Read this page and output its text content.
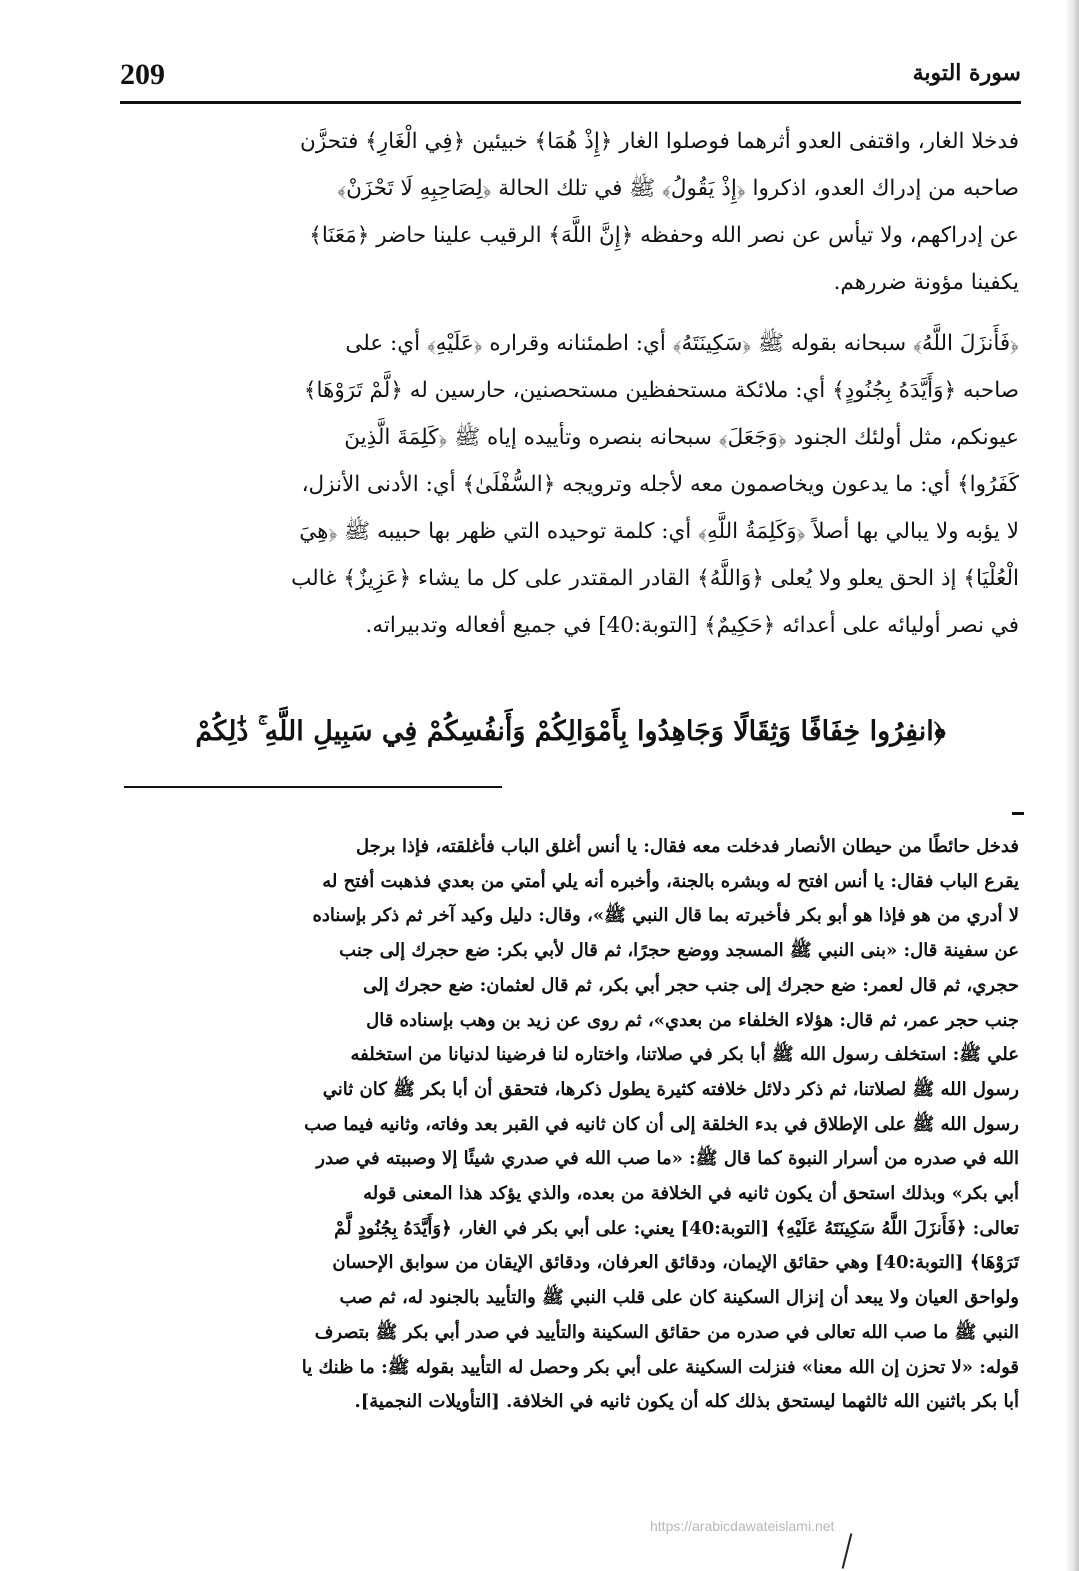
209	سورة التوبة
فدخلا الغار، واقتفى العدو أثرهما فوصلوا الغار ﴿إِذْ هُمَا﴾ خبيئين ﴿فِي الْغَارِ﴾ فتحزَّن
صاحبه من إدراك العدو، اذكروا ﴿إِذْ يَقُولُ﴾ ﷺ في تلك الحالة ﴿لِصَاحِبِهِ لَا تَحْزَنْ﴾
عن إدراكهم، ولا تيأس عن نصر الله وحفظه ﴿إِنَّ اللَّهَ﴾ الرقيب علينا حاضر ﴿مَعَنَا﴾
يكفينا مؤونة ضررهم.
﴿فَأَنزَلَ اللَّهُ﴾ سبحانه بقوله ﷺ ﴿سَكِينَتَهُ﴾ أي: اطمئنانه وقراره ﴿عَلَيْهِ﴾ أي: على
صاحبه ﴿وَأَيَّدَهُ بِجُنُودٍ﴾ أي: ملائكة مستحفظين مستحصنين، حارسين له ﴿لَّمْ تَرَوْهَا﴾
عيونكم، مثل أولئك الجنود ﴿وَجَعَلَ﴾ سبحانه بنصره وتأييده إياه ﷺ ﴿كَلِمَةَ الَّذِينَ
كَفَرُوا﴾ أي: ما يدعون ويخاصمون معه لأجله وترويجه ﴿السُّفْلَىٰ﴾ أي: الأدنى الأنزل،
لا يؤبه ولا يبالي بها أصلاً ﴿وَكَلِمَةُ اللَّهِ﴾ أي: كلمة توحيده التي ظهر بها حبيبه ﷺ ﴿هِيَ
الْعُلْيَا﴾ إذ الحق يعلو ولا يُعلى ﴿وَاللَّهُ﴾ القادر المقتدر على كل ما يشاء ﴿عَزِيزٌ﴾ غالب
في نصر أوليائه على أعدائه ﴿حَكِيمٌ﴾ [التوبة:40] في جميع أفعاله وتدبيراته.
﴿انفِرُوا خِفَافًا وَثِقَالًا وَجَاهِدُوا بِأَمْوَالِكُمْ وَأَنفُسِكُمْ فِي سَبِيلِ اللَّهِ ۚ ذَٰلِكُمْ

فدخل حائطًا من حيطان الأنصار فدخلت معه فقال: يا أنس أغلق الباب فأغلقته، فإذا برجل

يقرع الباب فقال: يا أنس افتح له وبشره بالجنة، وأخبره أنه يلي أمتي من بعدي فذهبت أفتح له

لا أدري من هو فإذا هو أبو بكر فأخبرته بما قال النبي ﷺ»، وقال: دليل وكيد آخر ثم ذكر بإسناده

عن سفينة قال: «بنى النبي ﷺ المسجد ووضع حجرًا، ثم قال لأبي بكر: ضع حجرك إلى جنب

حجري، ثم قال لعمر: ضع حجرك إلى جنب حجر أبي بكر، ثم قال لعثمان: ضع حجرك إلى

جنب حجر عمر، ثم قال: هؤلاء الخلفاء من بعدي»، ثم روى عن زيد بن وهب بإسناده قال

علي ﷺ: استخلف رسول الله ﷺ أبا بكر في صلاتنا، واختاره لنا فرضينا لدنيانا من استخلفه

رسول الله ﷺ لصلاتنا، ثم ذكر دلائل خلافته كثيرة يطول ذكرها، فتحقق أن أبا بكر ﷺ كان ثاني

رسول الله ﷺ على الإطلاق في بدء الخلقة إلى أن كان ثانيه في القبر بعد وفاته، وثانيه فيما صب

الله في صدره من أسرار النبوة كما قال ﷺ: «ما صب الله في صدري شيئًا إلا وصببته في صدر

أبي بكر» وبذلك استحق أن يكون ثانيه في الخلافة من بعده، والذي يؤكد هذا المعنى قوله

تعالى: ﴿فَأَنزَلَ اللَّهُ سَكِينَتَهُ عَلَيْهِ﴾ [التوبة:40] يعني: على أبي بكر في الغار، ﴿وَأَيَّدَهُ بِجُنُودٍ لَّمْ

تَرَوْهَا﴾ [التوبة:40] وهي حقائق الإيمان، ودقائق العرفان، ودقائق الإيقان من سوابق الإحسان

ولواحق العيان ولا يبعد أن إنزال السكينة كان على قلب النبي ﷺ والتأييد بالجنود له، ثم صب

النبي ﷺ ما صب الله تعالى في صدره من حقائق السكينة والتأييد في صدر أبي بكر ﷺ بتصرف

قوله: «لا تحزن إن الله معنا» فنزلت السكينة على أبي بكر وحصل له التأييد بقوله ﷺ: ما ظنك يا

أبا بكر باثنين الله ثالثهما ليستحق بذلك كله أن يكون ثانيه في الخلافة. [التأويلات النجمية].

https://arabicdawateislami.net
